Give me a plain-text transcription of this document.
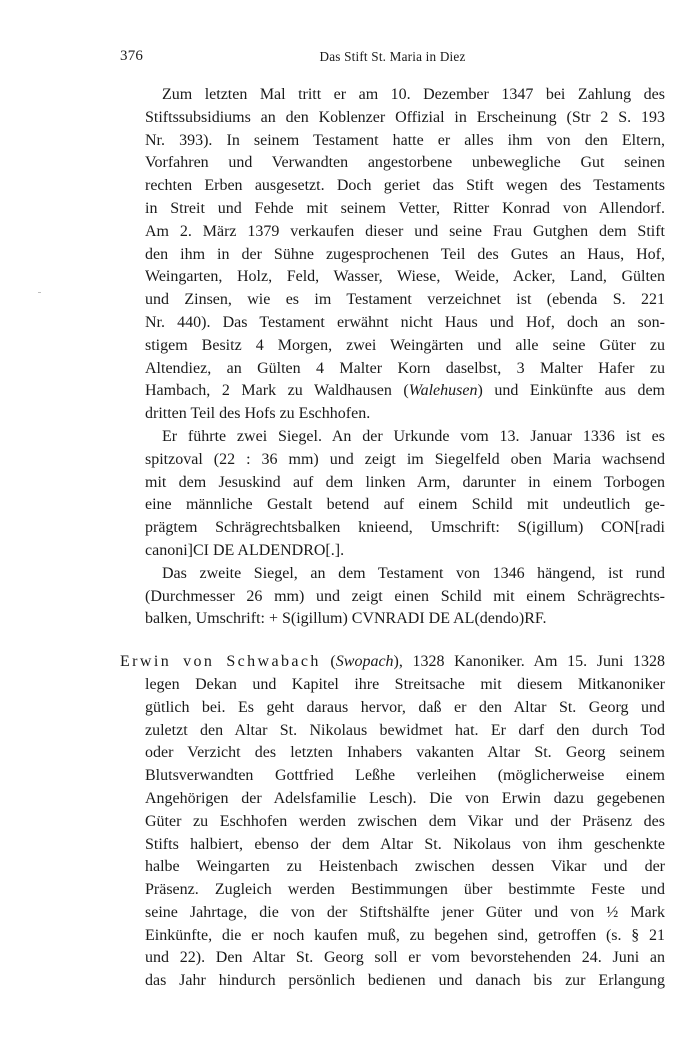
376	Das Stift St. Maria in Diez
Zum letzten Mal tritt er am 10. Dezember 1347 bei Zahlung des
Stiftssubsidiums an den Koblenzer Offizial in Erscheinung (Str 2 S. 193
Nr. 393). In seinem Testament hatte er alles ihm von den Eltern,
Vorfahren und Verwandten angestorbene unbewegliche Gut seinen
rechten Erben ausgesetzt. Doch geriet das Stift wegen des Testaments
in Streit und Fehde mit seinem Vetter, Ritter Konrad von Allendorf.
Am 2. März 1379 verkaufen dieser und seine Frau Gutghen dem Stift
den ihm in der Sühne zugesprochenen Teil des Gutes an Haus, Hof,
Weingarten, Holz, Feld, Wasser, Wiese, Weide, Acker, Land, Gülten
und Zinsen, wie es im Testament verzeichnet ist (ebenda S. 221
Nr. 440). Das Testament erwähnt nicht Haus und Hof, doch an son-
stigem Besitz 4 Morgen, zwei Weingärten und alle seine Güter zu
Altendiez, an Gülten 4 Malter Korn daselbst, 3 Malter Hafer zu
Hambach, 2 Mark zu Waldhausen (Walehusen) und Einkünfte aus dem
dritten Teil des Hofs zu Eschhofen.
Er führte zwei Siegel. An der Urkunde vom 13. Januar 1336 ist es
spitzoval (22 : 36 mm) und zeigt im Siegelfeld oben Maria wachsend
mit dem Jesuskind auf dem linken Arm, darunter in einem Torbogen
eine männliche Gestalt betend auf einem Schild mit undeutlich ge-
prägtem Schrägrechtsbalken knieend, Umschrift: S(igillum) CON[radi
canoni]CI DE ALDENDRO[.].
Das zweite Siegel, an dem Testament von 1346 hängend, ist rund
(Durchmesser 26 mm) und zeigt einen Schild mit einem Schrägrechts-
balken, Umschrift: + S(igillum) CVNRADI DE AL(dendo)RF.
Erwin von Schwabach (Swopach), 1328 Kanoniker. Am 15. Juni 1328
legen Dekan und Kapitel ihre Streitsache mit diesem Mitkanoniker
gütlich bei. Es geht daraus hervor, daß er den Altar St. Georg und
zuletzt den Altar St. Nikolaus bewidmet hat. Er darf den durch Tod
oder Verzicht des letzten Inhabers vakanten Altar St. Georg seinem
Blutsverwandten Gottfried Leßhe verleihen (möglicherweise einem
Angehörigen der Adelsfamilie Lesch). Die von Erwin dazu gegebenen
Güter zu Eschhofen werden zwischen dem Vikar und der Präsenz des
Stifts halbiert, ebenso der dem Altar St. Nikolaus von ihm geschenkte
halbe Weingarten zu Heistenbach zwischen dessen Vikar und der
Präsenz. Zugleich werden Bestimmungen über bestimmte Feste und
seine Jahrtage, die von der Stiftshälfte jener Güter und von ½ Mark
Einkünfte, die er noch kaufen muß, zu begehen sind, getroffen (s. § 21
und 22). Den Altar St. Georg soll er vom bevorstehenden 24. Juni an
das Jahr hindurch persönlich bedienen und danach bis zur Erlangung
